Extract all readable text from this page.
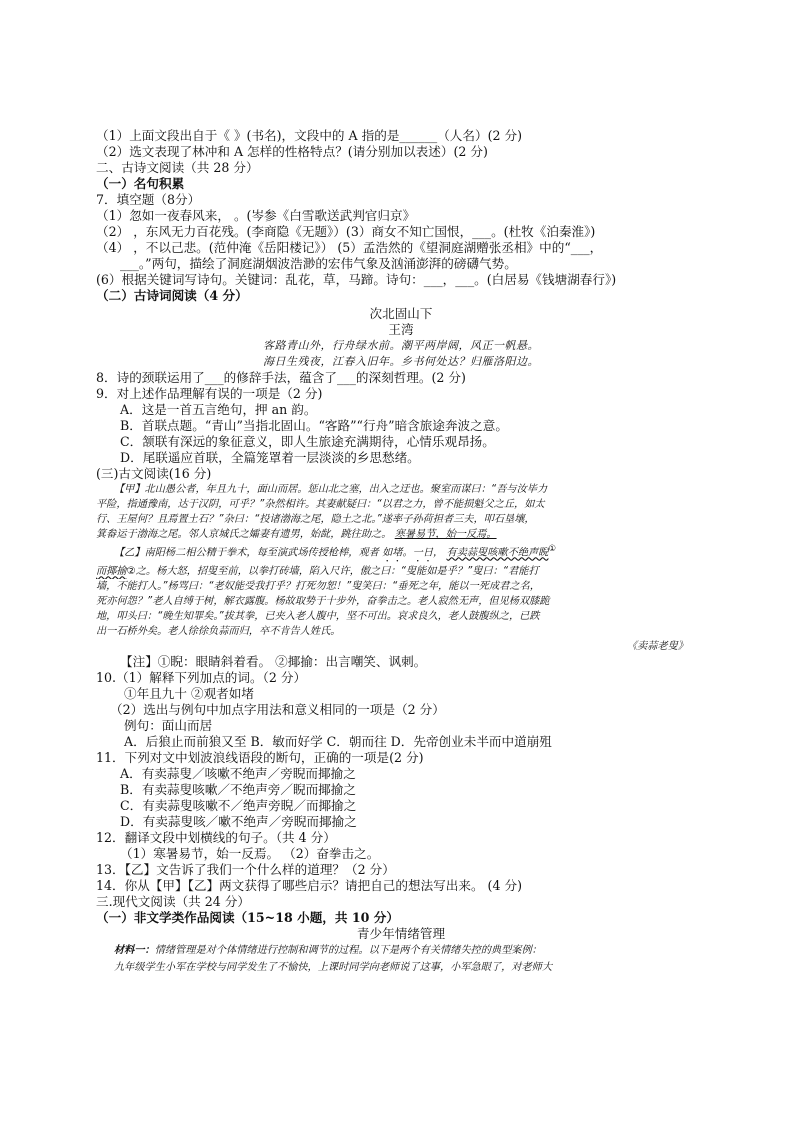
（1）上面文段出自于《 》(书名)，文段中的 A 指的是______（人名）(2 分)
（2）选文表现了林冲和 A 怎样的性格特点？(请分别加以表述）(2 分)
二、古诗文阅读（共 28 分）
（一）名句积累
7．填空题（8分）
（1）忽如一夜春风来， 。(岑参《白雪歌送武判官归京》
（2） ，东风无力百花残。(李商隐《无题》）(3）商女不知亡国恨，___。(杜牧《泊秦淮》)
（4） ，不以己悲。(范仲淹《岳阳楼记》） (5）孟浩然的《望洞庭湖赠张丞相》中的“___，
___。”两句，描绘了洞庭湖烟波浩渺的宏伟气象及汹涌澎湃的磅礴气势。
(6）根据关键词写诗句。关键词：乱花，草，马蹄。诗句：___，___。(白居易《钱塘湖春行》)
（二）古诗词阅读（4 分）
次北固山下
王湾
客路青山外，行舟绿水前。潮平两岸阔，风正一帆悬。
海日生残夜，江春入旧年。乡书何处达？归雁洛阳边。
8．诗的颈联运用了___的修辞手法，蕴含了___的深刻哲理。(2 分)
9．对上述作品理解有误的一项是（2 分)
A．这是一首五言绝句，押 an 韵。
B．首联点题。“青山”当指北固山。“客路”“行舟”暗含旅途奔波之意。
C．颔联有深远的象征意义，即人生旅途充满期待，心情乐观昂扬。
D．尾联遥应首联，全篇笼罩着一层淡淡的乡思愁绪。
(三)古文阅读(16 分)
【甲】北山愚公者，年且九十，面山而居。惩山北之塞，出入之迂也。聚室而谋曰：“吾与汝毕力
平险，指通豫南，达于汉阴，可乎？”杂然相许。其妻献疑曰：“以君之力，曾不能损魁父之丘，如太
行、王屋何？且焉置土石？”杂曰：“投诸渤海之尾，隐土之北。”遂率子孙荷担者三夫，叩石垦壤，
箕畚运于渤海之尾。邻人京城氏之孀妻有遗男，始龀，跳往助之。 寒暑易节，始一反焉。
【乙】南阳杨二相公精于拳术，每至演武场传授枪棒，观者 如堵。一日， 有卖蒜叟咳嗽不绝声睨①
而揶揄②之。杨大怒，招叟至前，以拳打砖墙，陷入尺许，傲之曰：“叟能如是乎？”叟曰：“君能打
墙，不能打人。”杨骂曰：“老奴能受我打乎？打死勿恕！”叟笑曰：“垂死之年，能以一死成君之名，
死亦何怨？”老人自缚于树，解衣露腹。杨故取势于十步外，奋拳击之。老人寂然无声，但见杨双膝跪
地，叩头曰：“晚生知罪矣。”拔其拳，已夹入老人腹中，坚不可出。哀求良久，老人鼓腹纵之，已跌
出一石桥外矣。老人徐徐负蒜而归，卒不肯告人姓氏。
《卖蒜老叟》
【注】①睨：眼睛斜着看。 ②揶揄：出言嘲笑、讽刺。
10.（1）解释下列加点的词。（2 分）
①年且九十 ②观者如堵
（2）选出与例句中加点字用法和意义相同的一项是（2 分）
例句：面山而居
A．后狼止而前狼又至 B．敏而好学 C．朝而往 D．先帝创业未半而中道崩殂
11．下列对文中划波浪线语段的断句，正确的一项是(2 分)
A．有卖蒜叟／咳嗽不绝声／旁睨而揶揄之
B．有卖蒜叟咳嗽／不绝声旁／睨而揶揄之
C．有卖蒜叟咳嗽不／绝声旁睨／而揶揄之
D．有卖蒜叟咳／嗽不绝声／旁睨而揶揄之
12．翻译文段中划横线的句子。（共 4 分）
（1）寒暑易节，始一反焉。 （2）奋拳击之。
13．【乙】文告诉了我们一个什么样的道理？（2 分）
14．你从【甲】【乙】两文获得了哪些启示？请把自己的想法写出来。 (4 分)
三.现代文阅读（共 24 分）
（一）非文学类作品阅读（15~18 小题，共 10 分）
青少年情绪管理
材料一：情绪管理是对个体情绪进行控制和调节的过程。以下是两个有关情绪失控的典型案例：
九年级学生小军在学校与同学发生了不愉快，上课时同学向老师说了这事，小军急眼了，对老师大
